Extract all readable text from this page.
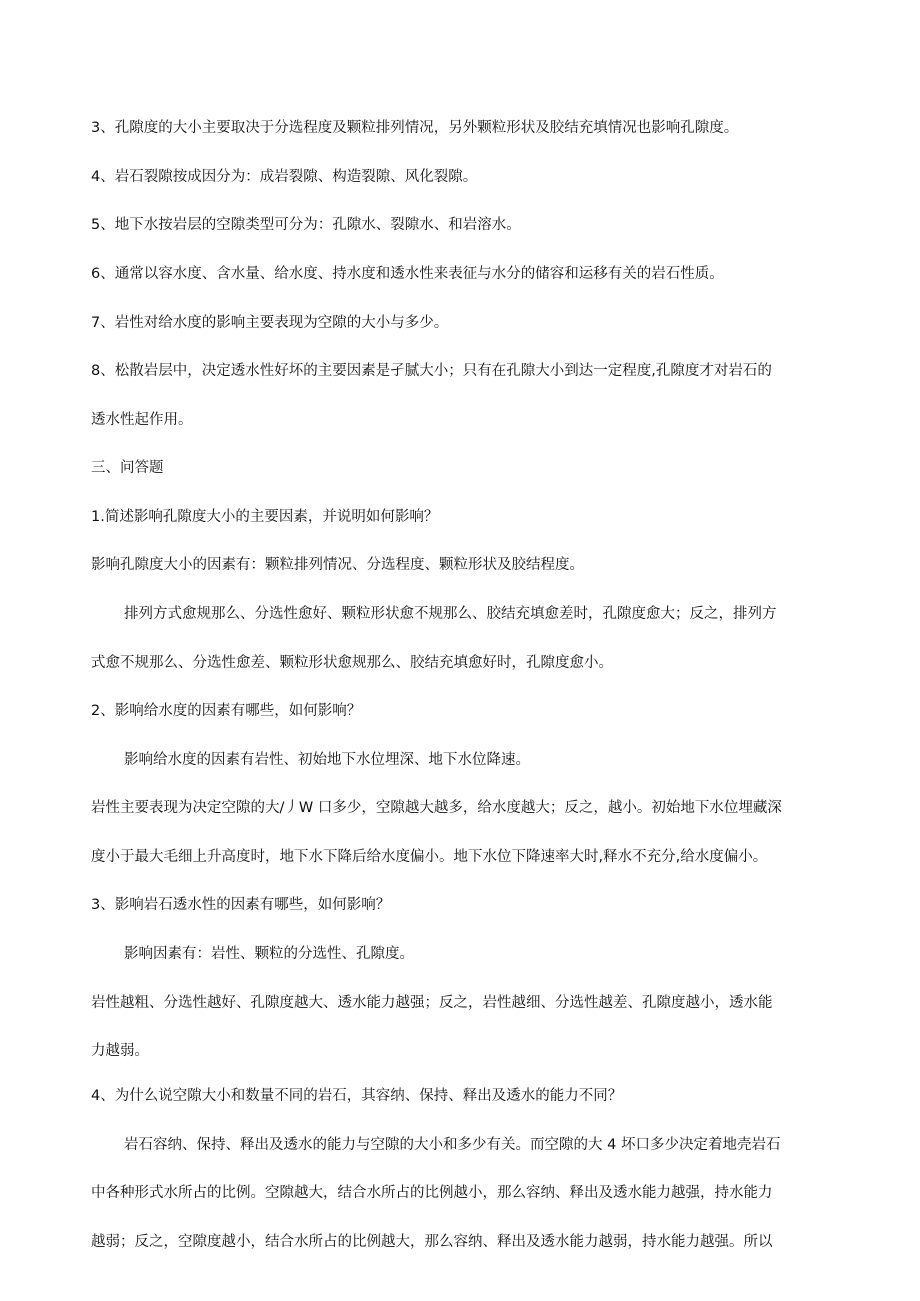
3、孔隙度的大小主要取决于分选程度及颗粒排列情况，另外颗粒形状及胶结充填情况也影响孔隙度。
4、岩石裂隙按成因分为：成岩裂隙、构造裂隙、风化裂隙。
5、地下水按岩层的空隙类型可分为：孔隙水、裂隙水、和岩溶水。
6、通常以容水度、含水量、给水度、持水度和透水性来表征与水分的储容和运移有关的岩石性质。
7、岩性对给水度的影响主要表现为空隙的大小与多少。
8、松散岩层中，决定透水性好坏的主要因素是孑腻大小；只有在孔隙大小到达一定程度,孔隙度才对岩石的
透水性起作用。
三、问答题
1.简述影响孔隙度大小的主要因素，并说明如何影响？
影响孔隙度大小的因素有：颗粒排列情况、分选程度、颗粒形状及胶结程度。
排列方式愈规那么、分选性愈好、颗粒形状愈不规那么、胶结充填愈差时，孔隙度愈大；反之，排列方
式愈不规那么、分选性愈差、颗粒形状愈规那么、胶结充填愈好时，孔隙度愈小。
2、影响给水度的因素有哪些，如何影响？
影响给水度的因素有岩性、初始地下水位埋深、地下水位降速。
岩性主要表现为决定空隙的大/丿W 口多少，空隙越大越多，给水度越大；反之，越小。初始地下水位埋藏深
度小于最大毛细上升高度时，地下水下降后给水度偏小。地下水位下降速率大时,释水不充分,给水度偏小。
3、影响岩石透水性的因素有哪些，如何影响？
影响因素有：岩性、颗粒的分选性、孔隙度。
岩性越粗、分选性越好、孔隙度越大、透水能力越强；反之，岩性越细、分选性越差、孔隙度越小，透水能
力越弱。
4、为什么说空隙大小和数量不同的岩石，其容纳、保持、释出及透水的能力不同？
岩石容纳、保持、释出及透水的能力与空隙的大小和多少有关。而空隙的大 4 坏口多少决定着地壳岩石
中各种形式水所占的比例。空隙越大，结合水所占的比例越小，那么容纳、释出及透水能力越强，持水能力
越弱；反之，空隙度越小，结合水所占的比例越大，那么容纳、释出及透水能力越弱，持水能力越强。所以
